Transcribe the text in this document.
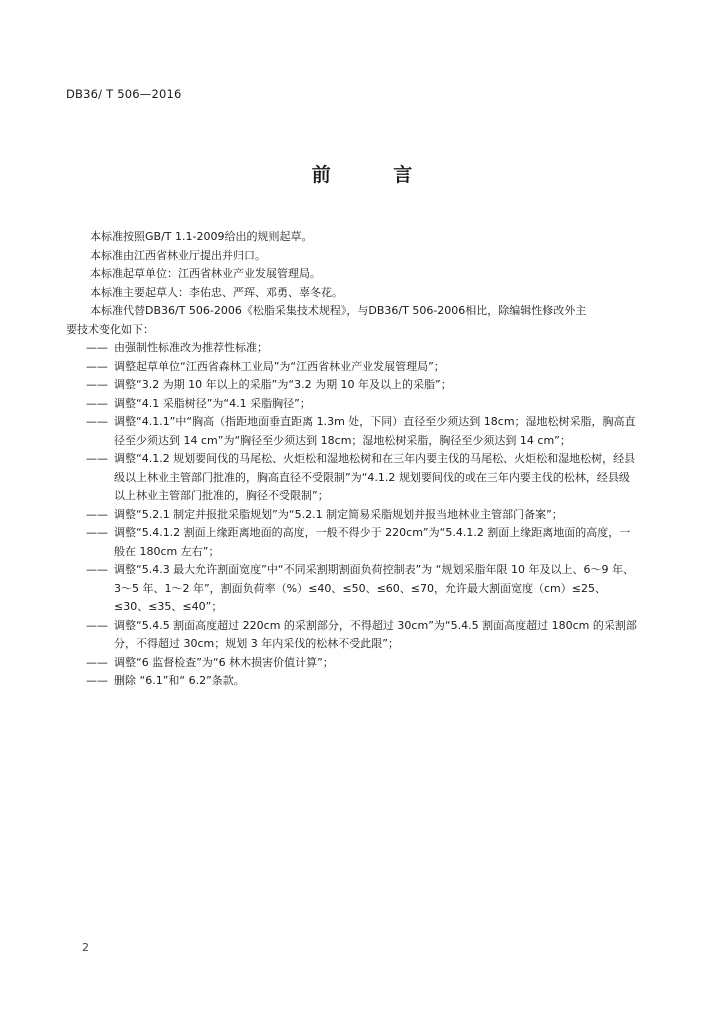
DB36/ T 506—2016
前 言

本标准按照GB/T 1.1-2009给出的规则起草。

本标准由江西省林业厅提出并归口。

本标准起草单位：江西省林业产业发展管理局。

本标准主要起草人：李佑忠、严珲、邓勇、辜冬花。

本标准代替DB36/T 506-2006《松脂采集技术规程》，与DB36/T 506-2006相比，除编辑性修改外主

要技术变化如下：

—— 由强制性标准改为推荐性标准；
—— 调整起草单位“江西省森林工业局”为“江西省林业产业发展管理局”；
—— 调整“3.2 为期 10 年以上的采脂”为“3.2 为期 10 年及以上的采脂”；
—— 调整“4.1 采脂树径”为“4.1 采脂胸径”；
—— 调整“4.1.1”中“胸高（指距地面垂直距离 1.3m 处，下同）直径至少须达到 18cm；湿地松树采脂，胸高直径至少须达到 14 cm”为“胸径至少须达到 18cm；湿地松树采脂，胸径至少须达到 14 cm”；
—— 调整“4.1.2 规划要间伐的马尾松、火炬松和湿地松树和在三年内要主伐的马尾松、火炬松和湿地松树，经县级以上林业主管部门批准的，胸高直径不受限制”为“4.1.2 规划要间伐的或在三年内要主伐的松林，经县级以上林业主管部门批准的，胸径不受限制”；
—— 调整“5.2.1 制定并报批采脂规划”为“5.2.1 制定简易采脂规划并报当地林业主管部门备案”；
—— 调整“5.4.1.2 割面上缘距离地面的高度，一般不得少于 220cm”为“5.4.1.2 割面上缘距离地面的高度，一般在 180cm 左右”；
—— 调整“5.4.3 最大允许割面宽度”中“不同采割期割面负荷控制表”为 “规划采脂年限 10 年及以上、6～9 年、3～5 年、1～2 年”，割面负荷率（%）≤40、≤50、≤60、≤70，允许最大割面宽度（cm）≤25、≤30、≤35、≤40”；
—— 调整“5.4.5 割面高度超过 220cm 的采割部分，不得超过 30cm”为“5.4.5 割面高度超过 180cm 的采割部分，不得超过 30cm；规划 3 年内采伐的松林不受此限”；
—— 调整“6 监督检查”为“6 林木损害价值计算”；
—— 删除 “6.1”和“ 6.2”条款。
2
